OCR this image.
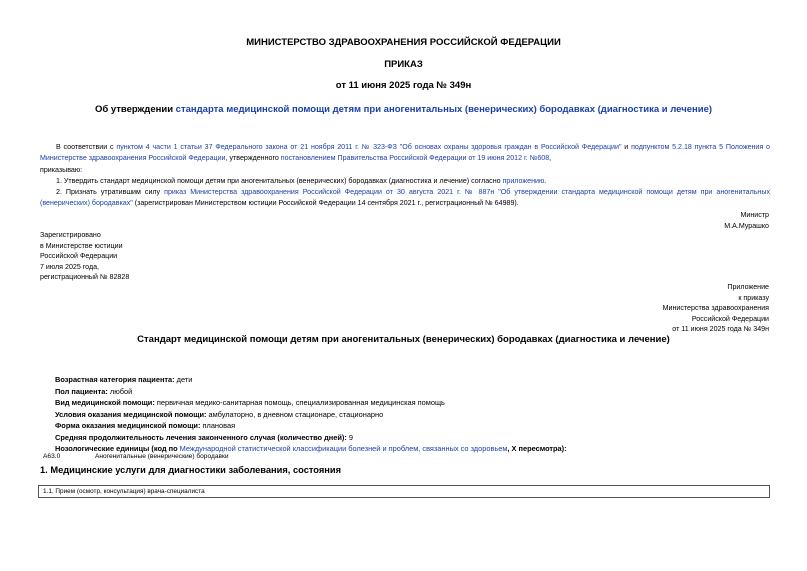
МИНИСТЕРСТВО ЗДРАВООХРАНЕНИЯ РОССИЙСКОЙ ФЕДЕРАЦИИ
ПРИКАЗ
от 11 июня 2025 года № 349н
Об утверждении стандарта медицинской помощи детям при аногенитальных (венерических) бородавках (диагностика и лечение)
В соответствии с пунктом 4 части 1 статьи 37 Федерального закона от 21 ноября 2011 г. № 323-ФЗ "Об основах охраны здоровья граждан в Российской Федерации" и подпунктом 5.2.18 пункта 5 Положения о Министерстве здравоохранения Российской Федерации, утвержденного постановлением Правительства Российской Федерации от 19 июня 2012 г. №608,
приказываю:
1. Утвердить стандарт медицинской помощи детям при аногенитальных (венерических) бородавках (диагностика и лечение) согласно приложению.
2. Признать утратившим силу приказ Министерства здравоохранения Российской Федерации от 30 августа 2021 г. № 887н "Об утверждении стандарта медицинской помощи детям при аногенитальных (венерических) бородавках" (зарегистрирован Министерством юстиции Российской Федерации 14 сентября 2021 г., регистрационный № 64989).
Министр
М.А.Мурашко
Зарегистрировано
в Министерстве юстиции
Российской Федерации
7 июля 2025 года,
регистрационный № 82828
Приложение
к приказу
Министерства здравоохранения
Российской Федерации
от 11 июня 2025 года № 349н
Стандарт медицинской помощи детям при аногенитальных (венерических) бородавках (диагностика и лечение)
Возрастная категория пациента: дети
Пол пациента: любой
Вид медицинской помощи: первичная медико-санитарная помощь, специализированная медицинская помощь
Условия оказания медицинской помощи: амбулаторно, в дневном стационаре, стационарно
Форма оказания медицинской помощи: плановая
Средняя продолжительность лечения законченного случая (количество дней): 9
Нозологические единицы (код по Международной статистической классификации болезней и проблем, связанных со здоровьем, X пересмотра):
A63.0	Аногенитальные (венерические) бородавки
1. Медицинские услуги для диагностики заболевания, состояния
1.1. Прием (осмотр, консультация) врача-специалиста
